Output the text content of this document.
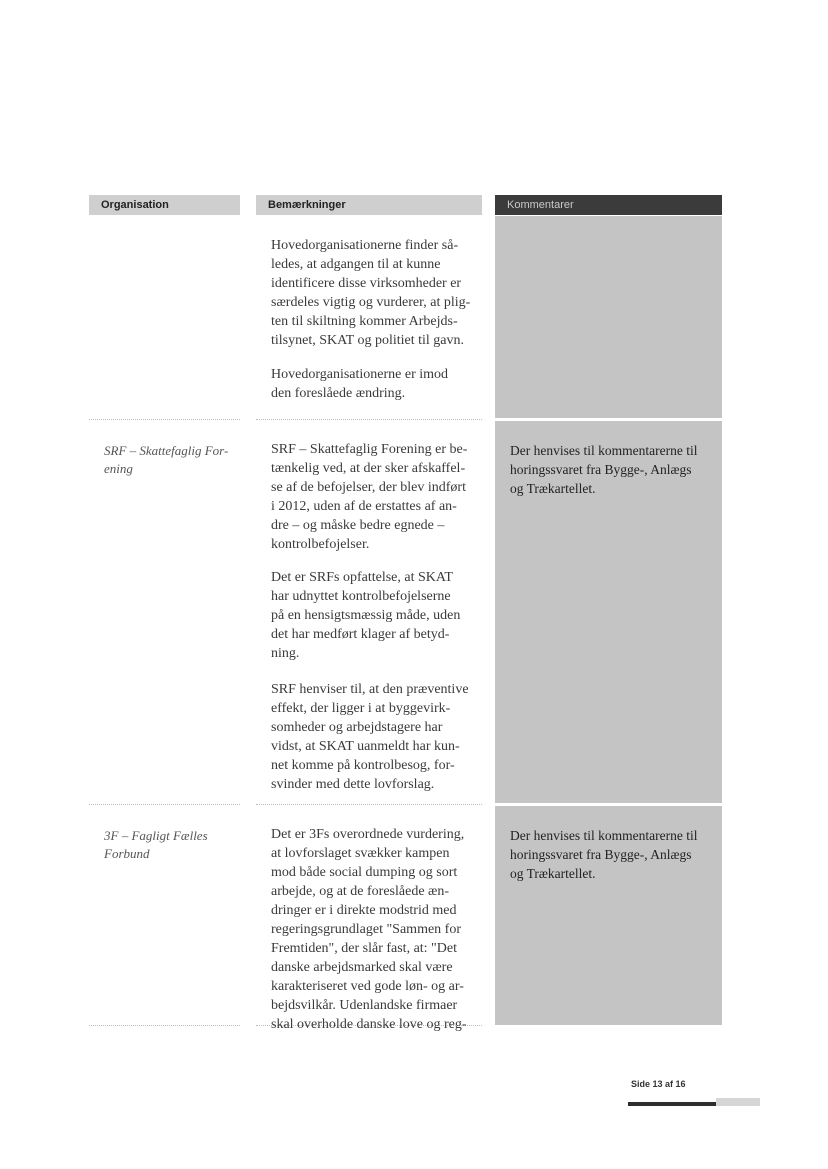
Organisation	Bemærkninger	Kommentarer
Hovedorganisationerne finder så-
ledes, at adgangen til at kunne
identificere disse virksomheder er
særdeles vigtig og vurderer, at plig-
ten til skiltning kommer Arbejds-
tilsynet, SKAT og politiet til gavn.
Hovedorganisationerne er imod
den foreslåede ændring.
SRF – Skattefaglig For-
ening
SRF – Skattefaglig Forening er be-
tænkelig ved, at der sker afskaffel-
se af de befojelser, der blev indført
i 2012, uden af de erstattes af an-
dre – og måske bedre egnede –
kontrolbefojelser.
Det er SRFs opfattelse, at SKAT
har udnyttet kontrolbefojelserne
på en hensigtsmæssig måde, uden
det har medført klager af betyd-
ning.
SRF henviser til, at den præventive
effekt, der ligger i at byggevirk-
somheder og arbejdstagere har
vidst, at SKAT uanmeldt har kun-
net komme på kontrolbesog, for-
svinder med dette lovforslag.
Der henvises til kommentarerne til
horingssvaret fra Bygge-, Anlægs
og Trækartellet.
3F – Fagligt Fælles
Forbund
Det er 3Fs overordnede vurdering,
at lovforslaget svækker kampen
mod både social dumping og sort
arbejde, og at de foreslåede æn-
dringer er i direkte modstrid med
regeringsgrundlaget "Sammen for
Fremtiden", der slår fast, at: "Det
danske arbejdsmarked skal være
karakteriseret ved gode løn- og ar-
bejdsvilkår. Udenlandske firmaer
skal overholde danske love og reg-
Der henvises til kommentarerne til
horingssvaret fra Bygge-, Anlægs
og Trækartellet.
Side 13 af 16
